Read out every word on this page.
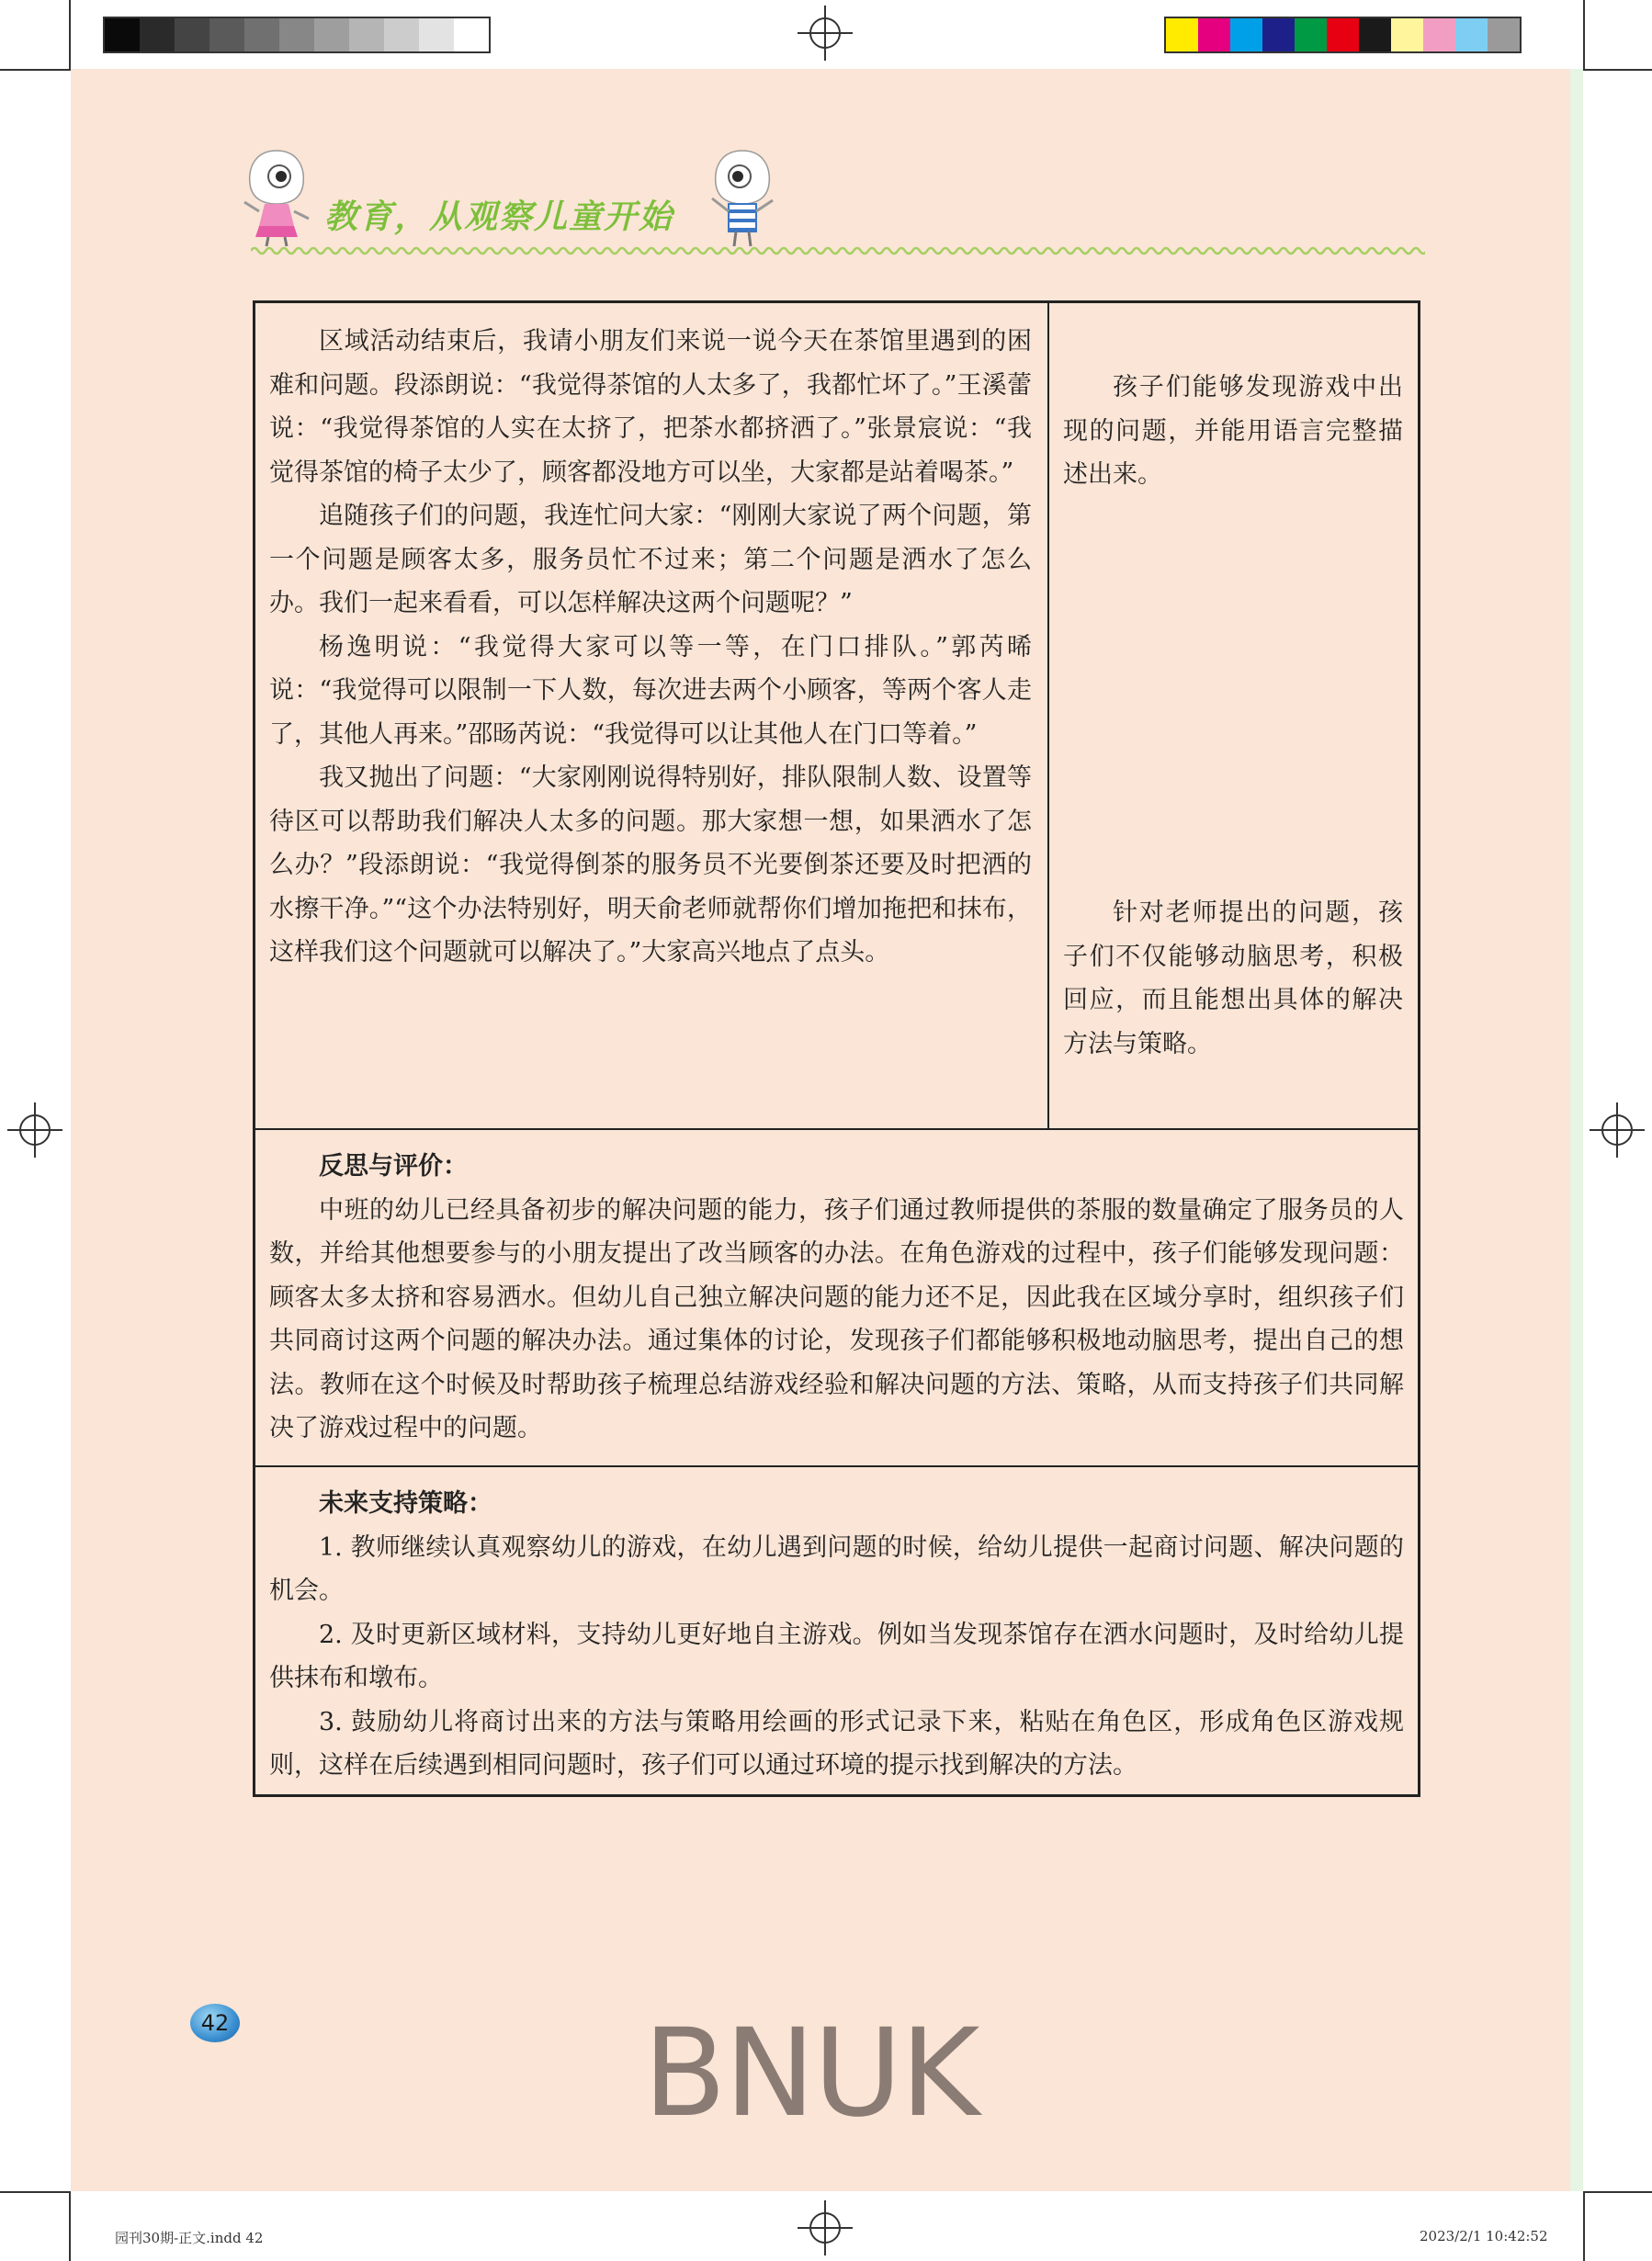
教育，从观察儿童开始

区域活动结束后，我请小朋友们来说一说今天在茶馆里遇到的困难和问题。段添朗说：“我觉得茶馆的人太多了，我都忙坏了。”王溪蕾说：“我觉得茶馆的人实在太挤了，把茶水都挤洒了。”张景宸说：“我觉得茶馆的椅子太少了，顾客都没地方可以坐，大家都是站着喝茶。”

追随孩子们的问题，我连忙问大家：“刚刚大家说了两个问题，第一个问题是顾客太多，服务员忙不过来；第二个问题是洒水了怎么办。我们一起来看看，可以怎样解决这两个问题呢？”

杨逸明说：“我觉得大家可以等一等，在门口排队。”郭芮晞说：“我觉得可以限制一下人数，每次进去两个小顾客，等两个客人走了，其他人再来。”邵旸芮说：“我觉得可以让其他人在门口等着。”

我又抛出了问题：“大家刚刚说得特别好，排队限制人数、设置等待区可以帮助我们解决人太多的问题。那大家想一想，如果洒水了怎么办？”段添朗说：“我觉得倒茶的服务员不光要倒茶还要及时把洒的水擦干净。”“这个办法特别好，明天俞老师就帮你们增加拖把和抹布，这样我们这个问题就可以解决了。”大家高兴地点了点头。

孩子们能够发现游戏中出现的问题，并能用语言完整描述出来。

针对老师提出的问题，孩子们不仅能够动脑思考，积极回应，而且能想出具体的解决方法与策略。

反思与评价：

中班的幼儿已经具备初步的解决问题的能力，孩子们通过教师提供的茶服的数量确定了服务员的人数，并给其他想要参与的小朋友提出了改当顾客的办法。在角色游戏的过程中，孩子们能够发现问题：顾客太多太挤和容易洒水。但幼儿自己独立解决问题的能力还不足，因此我在区域分享时，组织孩子们共同商讨这两个问题的解决办法。通过集体的讨论，发现孩子们都能够积极地动脑思考，提出自己的想法。教师在这个时候及时帮助孩子梳理总结游戏经验和解决问题的方法、策略，从而支持孩子们共同解决了游戏过程中的问题。

未来支持策略：

1. 教师继续认真观察幼儿的游戏，在幼儿遇到问题的时候，给幼儿提供一起商讨问题、解决问题的机会。

2. 及时更新区域材料，支持幼儿更好地自主游戏。例如当发现茶馆存在洒水问题时，及时给幼儿提供抹布和墩布。

3. 鼓励幼儿将商讨出来的方法与策略用绘画的形式记录下来，粘贴在角色区，形成角色区游戏规则，这样在后续遇到相同问题时，孩子们可以通过环境的提示找到解决的方法。

42	BNUK
园刊30期-正文.indd 42	2023/2/1 10:42:52
